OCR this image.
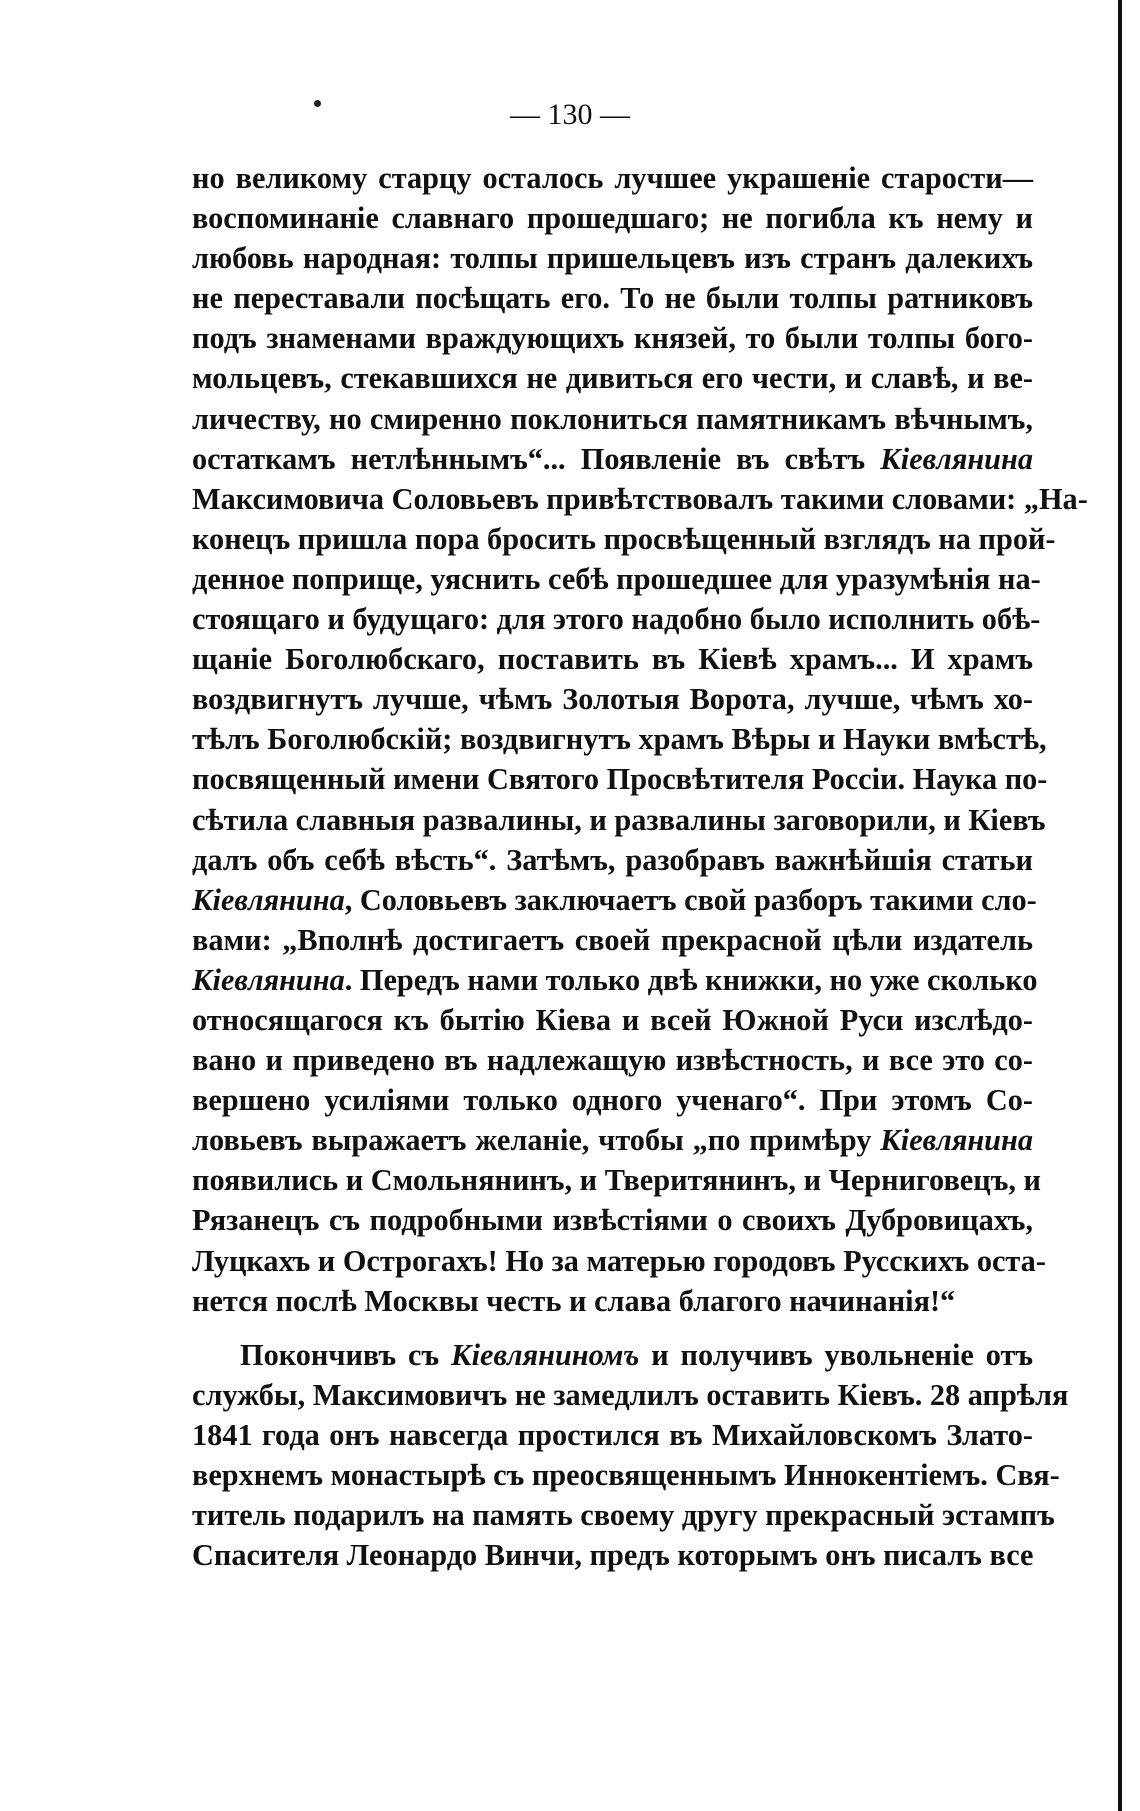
— 130 —
но великому старцу осталось лучшее украшеніе старости—
воспоминаніе славнаго прошедшаго; не погибла къ нему и
любовь народная: толпы пришельцевъ изъ странъ далекихъ
не переставали посѣщать его. То не были толпы ратниковъ
подъ знаменами враждующихъ князей, то были толпы бого-
мольцевъ, стекавшихся не дивиться его чести, и славѣ, и ве-
личеству, но смиренно поклониться памятникамъ вѣчнымъ,
остаткамъ нетлѣннымъ“... Появленіе въ свѣтъ Кіевлянина
Максимовича Соловьевъ привѣтствовалъ такими словами: „На-
конецъ пришла пора бросить просвѣщенный взглядъ на прой-
денное поприще, уяснить себѣ прошедшее для уразумѣнія на-
стоящаго и будущаго: для этого надобно было исполнить обѣ-
щаніе Боголюбскаго, поставить въ Кіевѣ храмъ... И храмъ
воздвигнутъ лучше, чѣмъ Золотыя Ворота, лучше, чѣмъ хо-
тѣлъ Боголюбскій; воздвигнутъ храмъ Вѣры и Науки вмѣстѣ,
посвященный имени Святого Просвѣтителя Россіи. Наука по-
сѣтила славныя развалины, и развалины заговорили, и Кіевъ
далъ объ себѣ вѣсть“. Затѣмъ, разобравъ важнѣйшія статьи
Кіевлянина, Соловьевъ заключаетъ свой разборъ такими сло-
вами: „Вполнѣ достигаетъ своей прекрасной цѣли издатель
Кіевлянина. Передъ нами только двѣ книжки, но уже сколько
относящагося къ бытію Кіева и всей Южной Руси изслѣдо-
вано и приведено въ надлежащую извѣстность, и все это со-
вершено усиліями только одного ученаго“. При этомъ Со-
ловьевъ выражаетъ желаніе, чтобы „по примѣру Кіевлянина
появились и Смольнянинъ, и Тверитянинъ, и Черниговецъ, и
Рязанецъ съ подробными извѣстіями о своихъ Дубровицахъ,
Луцкахъ и Острогахъ! Но за матерью городовъ Русскихъ оста-
нется послѣ Москвы честь и слава благого начинанія!“
Покончивъ съ Кіевляниномъ и получивъ увольненіе отъ
службы, Максимовичъ не замедлилъ оставить Кіевъ. 28 апрѣля
1841 года онъ навсегда простился въ Михайловскомъ Злато-
верхнемъ монастырѣ съ преосвященнымъ Иннокентіемъ. Свя-
титель подарилъ на память своему другу прекрасный эстампъ
Спасителя Леонардо Винчи, предъ которымъ онъ писалъ все
